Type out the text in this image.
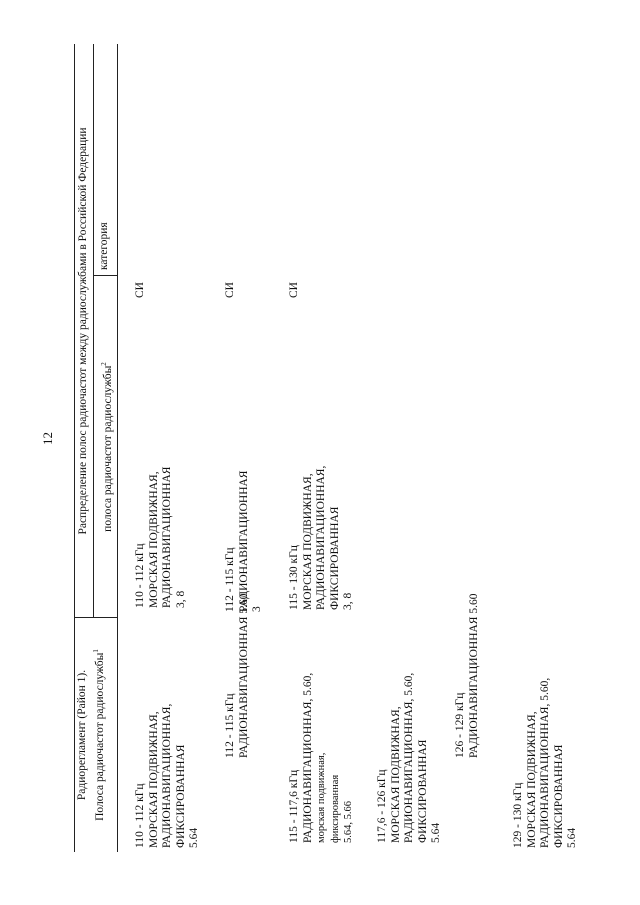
12
Радиорегламент (Район 1). Полоса радиочастот радиослужбы$^1$
Распределение полос радиочастот между радиослужбами в Российской Федерации	полоса радиочастот радиослужбы$^2$
категория
110 - 112 кГц МОРСКАЯ ПОДВИЖНАЯ, РАДИОНАВИГАЦИОННАЯ, ФИКСИРОВАННАЯ 5.64
112 - 115 кГц РАДИОНАВИГАЦИОННАЯ 5.60
115 - 117,6 кГц РАДИОНАВИГАЦИОННАЯ, 5.60, морская подвижная, фиксированная 5.64, 5.66 117,6 - 126 кГц МОРСКАЯ ПОДВИЖНАЯ, РАДИОНАВИГАЦИОННАЯ, 5.60, ФИКСИРОВАННАЯ 5.64
126 - 129 кГц РАДИОНАВИГАЦИОННАЯ 5.60
129 - 130 кГц МОРСКАЯ ПОДВИЖНАЯ, РАДИОНАВИГАЦИОННАЯ, 5.60, ФИКСИРОВАННАЯ 5.64
110 - 112 кГц МОРСКАЯ ПОДВИЖНАЯ, РАДИОНАВИГАЦИОННАЯ 3, 8
СИ
112 - 115 кГц РАДИОНАВИГАЦИОННАЯ 3
СИ
115 - 130 кГц МОРСКАЯ ПОДВИЖНАЯ, РАДИОНАВИГАЦИОННАЯ, ФИКСИРОВАННАЯ 3, 8
СИ
